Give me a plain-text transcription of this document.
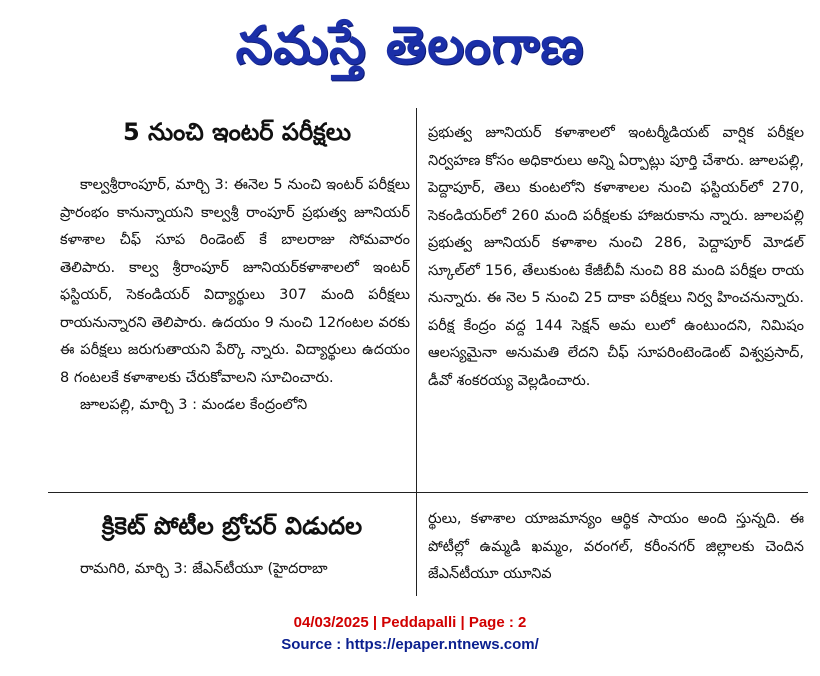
నమస్తే తెలంగాణ
5 నుంచి ఇంటర్ పరీక్షలు

కాల్వశ్రీరాంపూర్, మార్చి 3: ఈనెల 5 నుంచి ఇంటర్ పరీక్షలు ప్రారంభం కానున్నాయని కాల్వశ్రీ రాంపూర్ ప్రభుత్వ జూనియర్ కళాశాల చీఫ్ సూప రిండెంట్ కే బాలరాజు సోమవారం తెలిపారు. కాల్వ శ్రీరాంపూర్ జూనియర్‌కళాశాలలో ఇంటర్ ఫస్టియర్, సెకండియర్ విద్యార్థులు 307 మంది పరీక్షలు రాయనున్నారని తెలిపారు. ఉదయం 9 నుంచి 12గంటల వరకు ఈ పరీక్షలు జరుగుతాయని పేర్కొ న్నారు. విద్యార్థులు ఉదయం 8 గంటలకే కళాశాలకు చేరుకోవాలని సూచించారు.

జూలపల్లి, మార్చి 3 : మండల కేంద్రంలోని

ప్రభుత్వ జూనియర్ కళాశాలలో ఇంటర్మీడియట్ వార్షిక పరీక్షల నిర్వహణ కోసం అధికారులు అన్ని ఏర్పాట్లు పూర్తి చేశారు. జూలపల్లి, పెద్దాపూర్, తెలు కుంటలోని కళాశాలల నుంచి ఫస్టియర్‌లో 270, సెకండియర్‌లో 260 మంది పరీక్షలకు హాజరుకాను న్నారు. జూలపల్లి ప్రభుత్వ జూనియర్ కళాశాల నుంచి 286, పెద్దాపూర్ మోడల్ స్కూల్‌లో 156, తేలుకుంట కేజీబీవీ నుంచి 88 మంది పరీక్షల రాయ నున్నారు. ఈ నెల 5 నుంచి 25 దాకా పరీక్షలు నిర్వ హించనున్నారు. పరీక్ష కేంద్రం వద్ద 144 సెక్షన్ అమ లులో ఉంటుందని, నిమిషం ఆలస్యమైనా అనుమతి లేదని చీఫ్ సూపరింటెండెంట్ విశ్వప్రసాద్, డీవో శంకరయ్య వెల్లడించారు.

క్రికెట్ పోటీల బ్రోచర్ విడుదల

రామగిరి, మార్చి 3: జేఎన్‌టీయూ (హైదరాబా

ర్థులు, కళాశాల యాజమాన్యం ఆర్థిక సాయం అంది స్తున్నది. ఈ పోటీల్లో ఉమ్మడి ఖమ్మం, వరంగల్, కరీంనగర్ జిల్లాలకు చెందిన జేఎన్‌టీయూ యూనివ

04/03/2025 | Peddapalli | Page : 2
Source : https://epaper.ntnews.com/
